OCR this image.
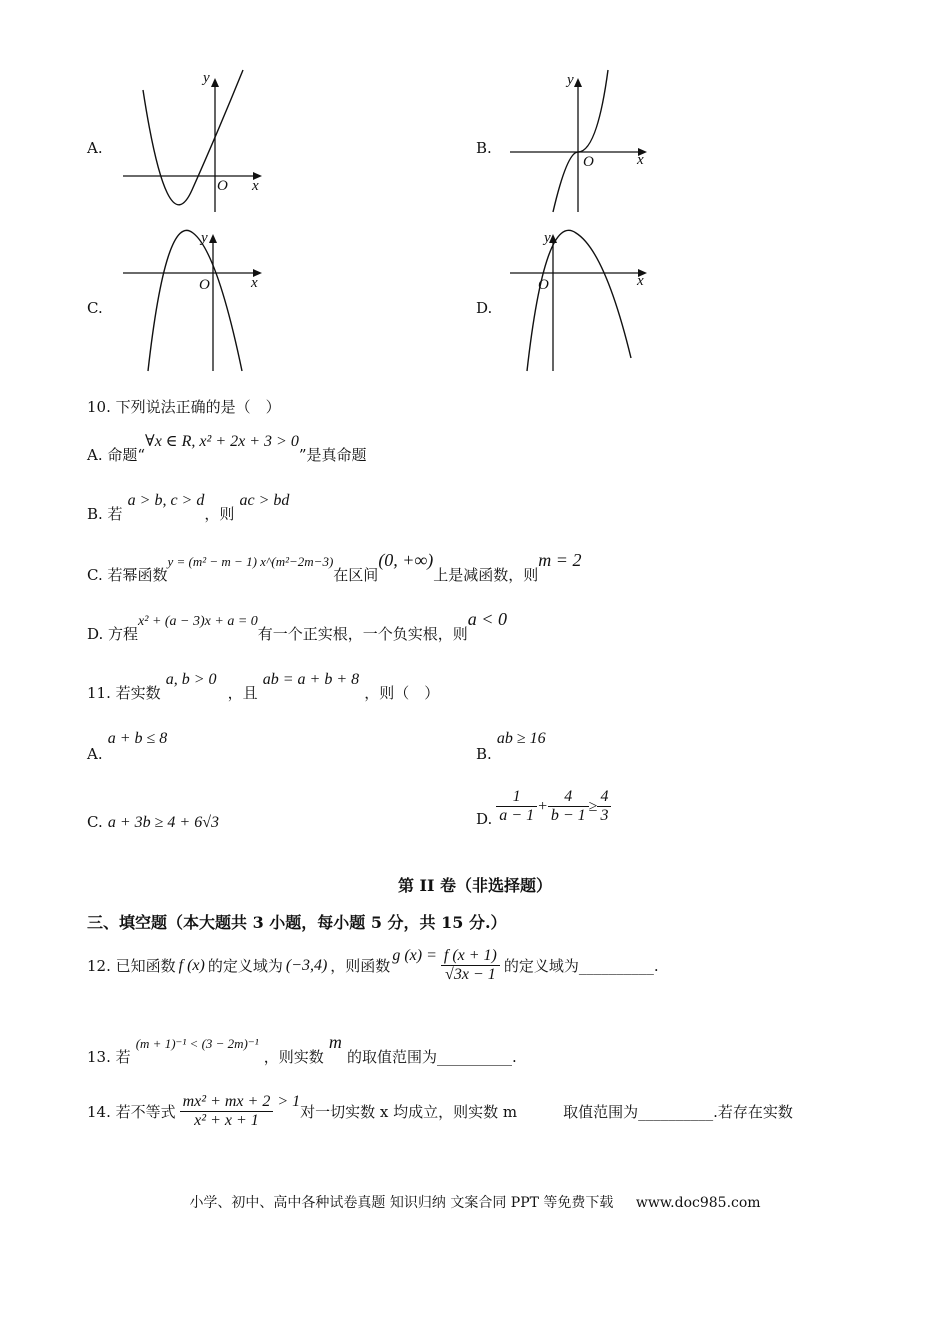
A.
y
x
O
B.
y
x
O
C.
y
x
O
D.
y
x
O
10. 下列说法正确的是（　）
A. 命题“∀x ∈ R, x² + 2x + 3 > 0”是真命题
B. 若 a > b, c > d，则 ac > bd
C. 若幂函数y = (m² − m − 1) x^(m²−2m−3)在区间(0, +∞)上是减函数，则m = 2
D. 方程x² + (a − 3)x + a = 0有一个正实根，一个负实根，则a < 0
11. 若实数 a, b > 0 ，且 ab = a + b + 8 ，则（　）
A. a + b ≤ 8
B. ab ≥ 16
C. a + 3b ≥ 4 + 6√3	D. $\frac{1}{a - 1} + \frac{4}{b - 1} \ge \frac{4}{3}$
第 II 卷（非选择题）
三、填空题（本大题共 3 小题，每小题 5 分，共 15 分.）
12. 已知函数 f (x) 的定义域为 (−3,4) ，则函数
g $(x) = \frac{f (x + 1)}{√3x - 1}$ 的定义域为__________.
13. 若 (m + 1)⁻¹ < (3 − 2m)⁻¹ ，则实数 m 的取值范围为__________.
14. 若不等式 $\frac{\text{mx² + mx + 2}}{\text{x² + x + 1}} > 1$
对一切实数 x 均成立，则实数 m	取值范围为__________.若存在实数
小学、初中、高中各种试卷真题 知识归纳 文案合同 PPT 等免费下载 www.doc985.com
